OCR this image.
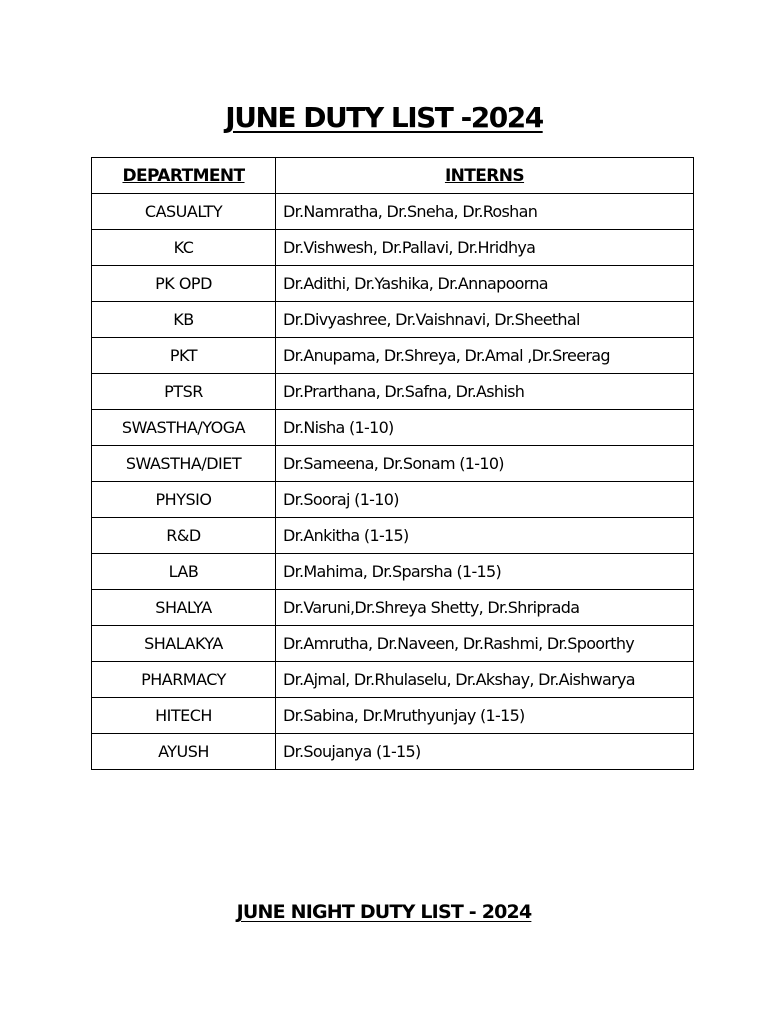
JUNE DUTY LIST -2024
DEPARTMENT	INTERNS
CASUALTY	Dr.Namratha, Dr.Sneha, Dr.Roshan
KC	Dr.Vishwesh, Dr.Pallavi, Dr.Hridhya
PK OPD	Dr.Adithi, Dr.Yashika, Dr.Annapoorna
KB	Dr.Divyashree, Dr.Vaishnavi, Dr.Sheethal
PKT	Dr.Anupama, Dr.Shreya, Dr.Amal ,Dr.Sreerag
PTSR	Dr.Prarthana, Dr.Safna, Dr.Ashish
SWASTHA/YOGA	Dr.Nisha (1-10)
SWASTHA/DIET	Dr.Sameena, Dr.Sonam (1-10)
PHYSIO	Dr.Sooraj (1-10)
R&D	Dr.Ankitha (1-15)
LAB	Dr.Mahima, Dr.Sparsha (1-15)
SHALYA	Dr.Varuni,Dr.Shreya Shetty, Dr.Shripradа
SHALAKYA	Dr.Amrutha, Dr.Naveen, Dr.Rashmi, Dr.Spoorthy
PHARMACY	Dr.Ajmal, Dr.Rhulaselu, Dr.Akshay, Dr.Aishwarya
HITECH	Dr.Sabina, Dr.Mruthyunjay (1-15)
AYUSH	Dr.Soujanya (1-15)
JUNE NIGHT DUTY LIST - 2024
